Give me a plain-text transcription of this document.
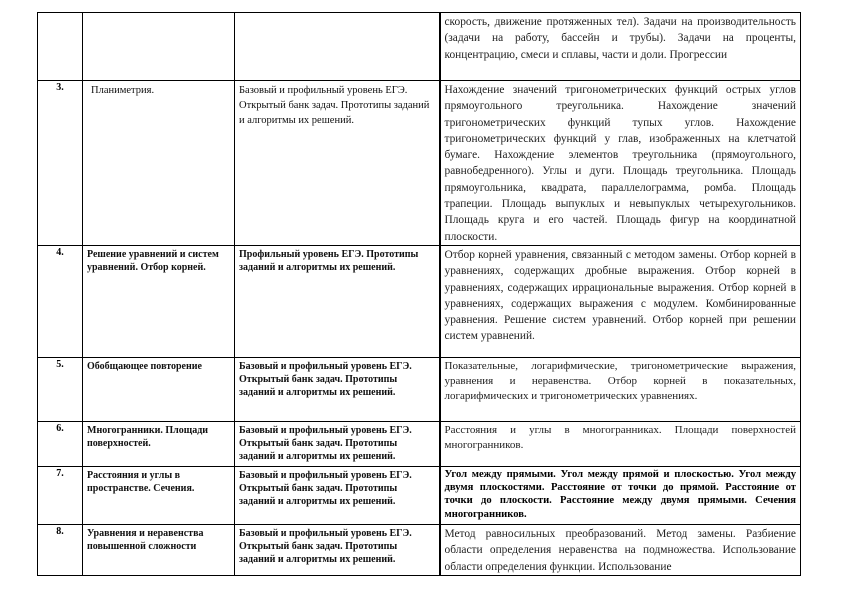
			скорость, движение протяженных тел). Задачи на производительность (задачи на работу, бассейн и трубы). Задачи на проценты, концентрацию, смеси и сплавы, части и доли. Прогрессии

3.	Планиметрия.	Базовый и профильный уровень ЕГЭ. Открытый банк задач. Прототипы заданий и алгоритмы их решений.	Нахождение значений тригонометрических функций острых углов прямоугольного треугольника. Нахождение значений тригонометрических функций тупых углов. Нахождение тригонометрических функций у глав, изображенных на клетчатой бумаге. Нахождение элементов треугольника (прямоугольного, равнобедренного). Углы и дуги. Площадь треугольника. Площадь прямоугольника, квадрата, параллелограмма, ромба. Площадь трапеции. Площадь выпуклых и невыпуклых четырехугольников. Площадь круга и его частей. Площадь фигур на координатной плоскости.

4.	Решение уравнений и систем уравнений. Отбор корней.	Профильный уровень ЕГЭ. Прототипы заданий и алгоритмы их решений.	Отбор корней уравнения, связанный с методом замены. Отбор корней в уравнениях, содержащих дробные выражения. Отбор корней в уравнениях, содержащих иррациональные выражения. Отбор корней в уравнениях, содержащих выражения с модулем. Комбинированные уравнения. Решение систем уравнений. Отбор корней при решении систем уравнений.

5.	Обобщающее повторение	Базовый и профильный уровень ЕГЭ. Открытый банк задач. Прототипы заданий и алгоритмы их решений.	Показательные, логарифмические, тригонометрические выражения, уравнения и неравенства. Отбор корней в показательных, логарифмических и тригонометрических уравнениях.

6.	Многогранники. Площади поверхностей.	Базовый и профильный уровень ЕГЭ. Открытый банк задач. Прототипы заданий и алгоритмы их решений.	Расстояния и углы в многогранниках. Площади поверхностей многогранников.

7.	Расстояния и углы в пространстве. Сечения.	Базовый и профильный уровень ЕГЭ. Открытый банк задач. Прототипы заданий и алгоритмы их решений.	Угол между прямыми. Угол между прямой и плоскостью. Угол между двумя плоскостями. Расстояние от точки до прямой. Расстояние от точки до плоскости. Расстояние между двумя прямыми. Сечения многогранников.

8.	Уравнения и неравенства повышенной сложности	Базовый и профильный уровень ЕГЭ. Открытый банк задач. Прототипы заданий и алгоритмы их решений.	Метод равносильных преобразований. Метод замены. Разбиение области определения неравенства на подмножества. Использование области определения функции. Использование
